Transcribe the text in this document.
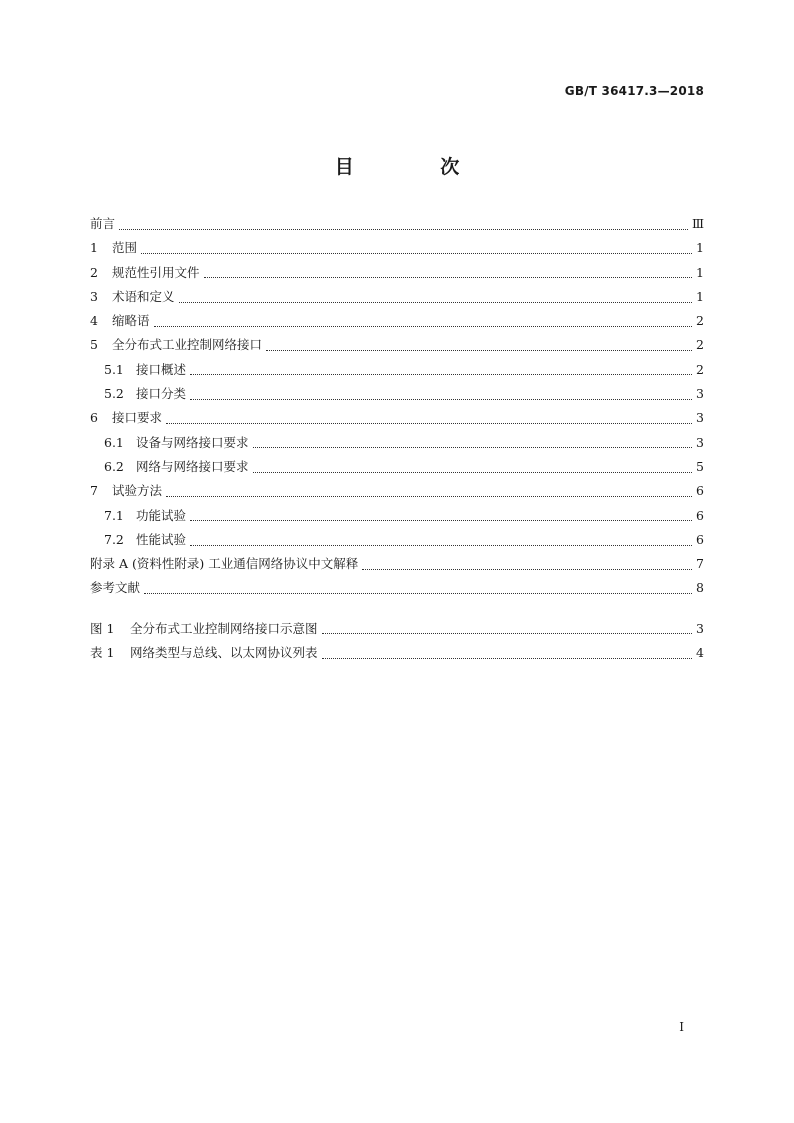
GB/T 36417.3—2018
目 次
前言	Ⅲ
1	范围	1
2	规范性引用文件	1
3	术语和定义	1
4	缩略语	2
5	全分布式工业控制网络接口	2
5.1 接口概述	2
5.2 接口分类	3
6	接口要求	3
6.1 设备与网络接口要求	3
6.2 网络与网络接口要求	5
7	试验方法	6
7.1 功能试验	6
7.2 性能试验	6
附录 A (资料性附录) 工业通信网络协议中文解释	7
参考文献	8
图 1	全分布式工业控制网络接口示意图	3
表 1	网络类型与总线、以太网协议列表	4
I
